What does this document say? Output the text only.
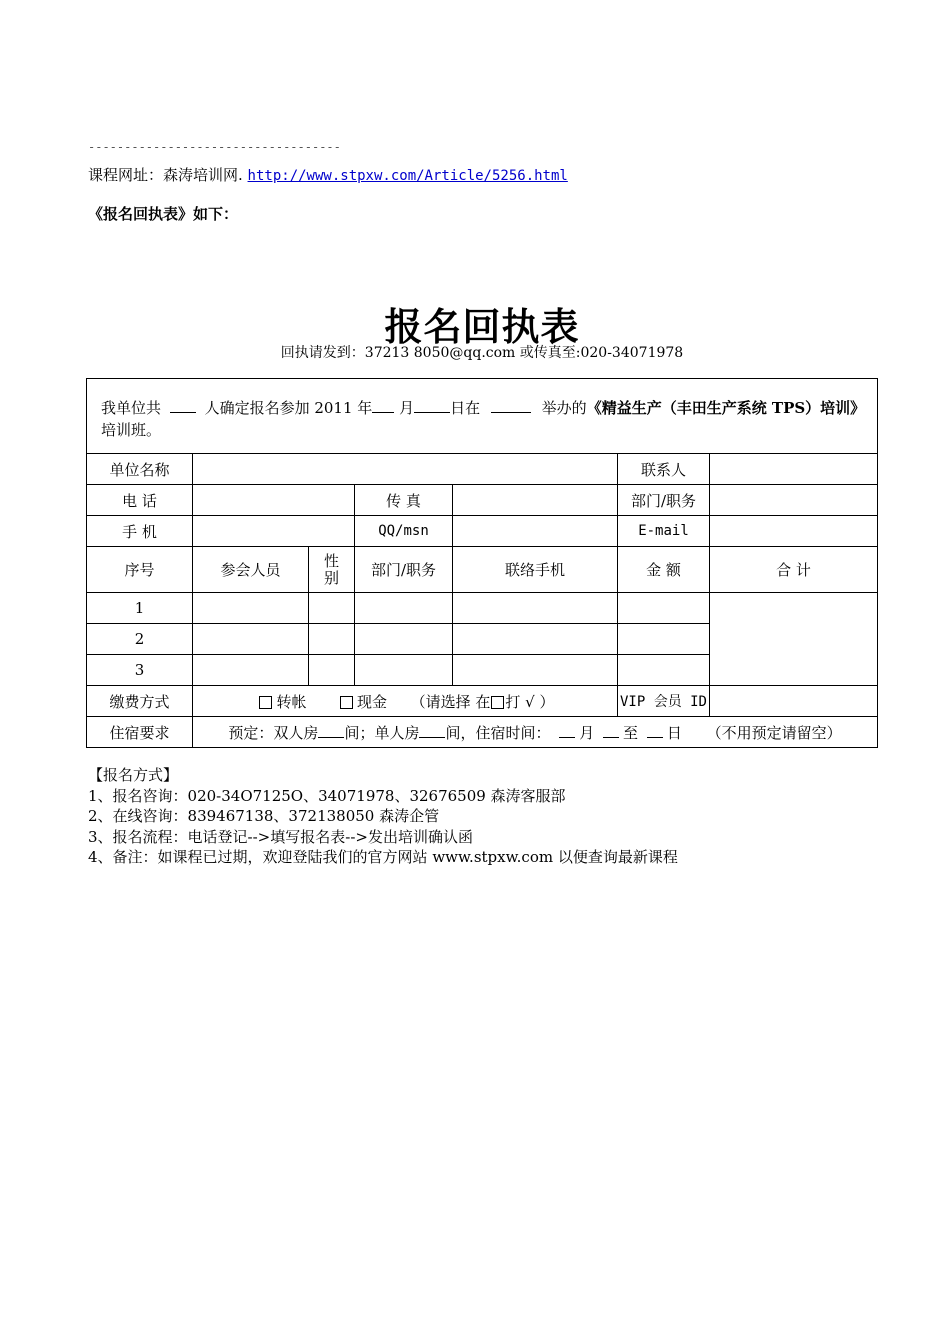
-----------------------------------
课程网址：森涛培训网. http://www.stpxw.com/Article/5256.html
《报名回执表》如下：
报名回执表
回执请发到：37213 8050@qq.com 或传真至:020-34071978
我单位共 人确定报名参加 2011 年 月 日在 举办的《精益生产（丰田生产系统 TPS）培训》培训班。						
单位名称					联系人	
电 话			传 真		部门/职务	
手 机			QQ/msn		E-mail	
序号	参会人员	性别	部门/职务	联络手机	金 额	合 计
1						
2						
3						
缴费方式	转帐 现金 （请选择 在 打 √ ）				VIP 会员 ID	
住宿要求	预定：双人房 间；单人房 间，住宿时间： 月 至 日 （不用预定请留空）					
【报名方式】
1、报名咨询：020-34O7125O、34071978、32676509 森涛客服部
2、在线咨询：839467138、372138050 森涛企管
3、报名流程：电话登记-->填写报名表-->发出培训确认函
4、备注：如课程已过期，欢迎登陆我们的官方网站 www.stpxw.com 以便查询最新课程
